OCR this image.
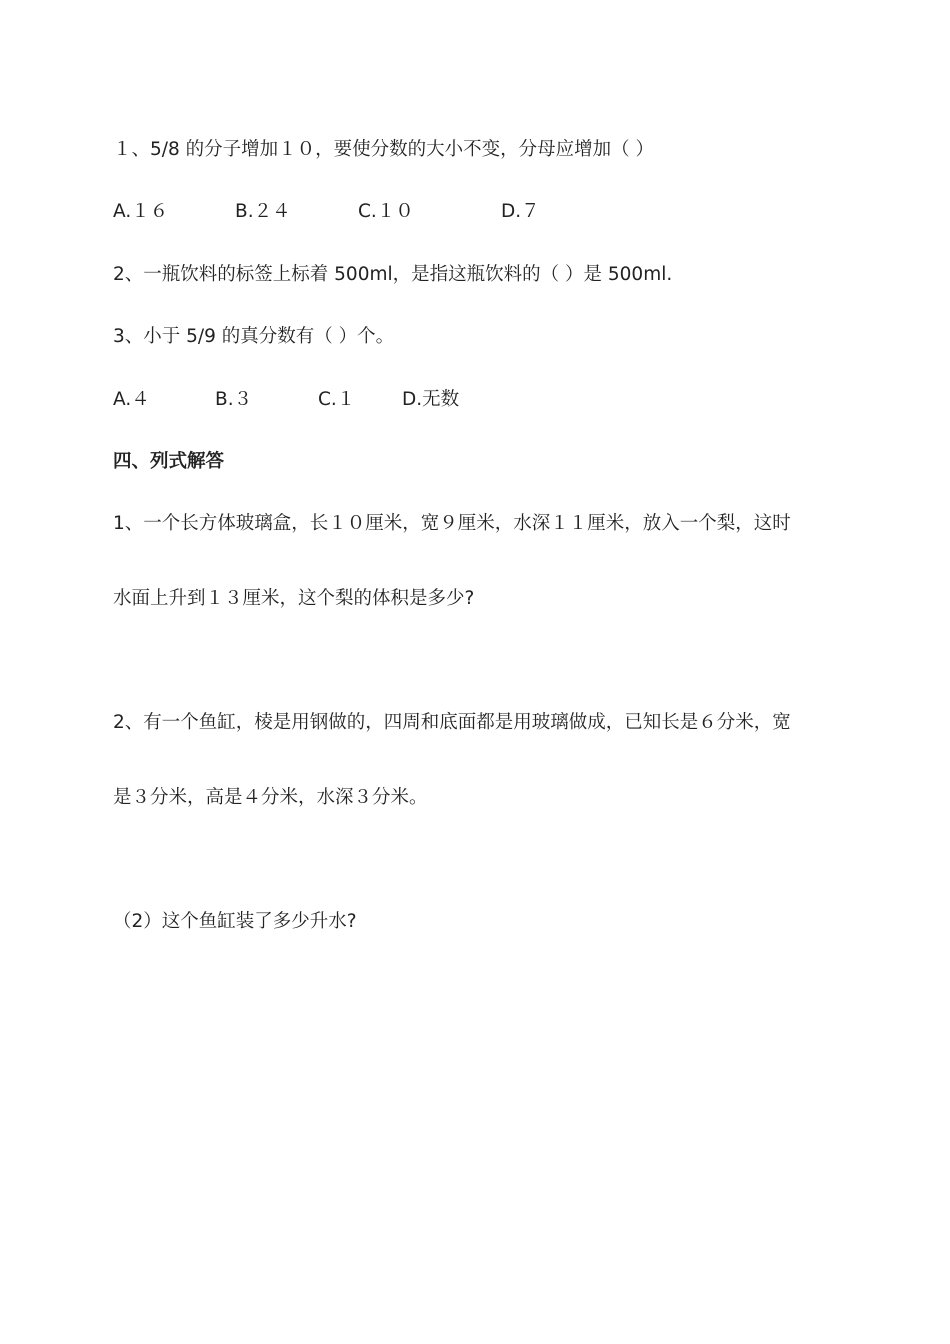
１、5/8 的分子增加１０，要使分数的大小不变，分母应增加（ ）
A.１６	B.２４	C.１０	D.７
2、一瓶饮料的标签上标着 500ml，是指这瓶饮料的（ ）是 500ml.
3、小于 5/9 的真分数有（ ）个。
A.４	B.３	C.１	D.无数
四、列式解答
1、一个长方体玻璃盒，长１０厘米，宽９厘米，水深１１厘米，放入一个梨，这时
水面上升到１３厘米，这个梨的体积是多少?
2、有一个鱼缸，棱是用钢做的，四周和底面都是用玻璃做成，已知长是６分米，宽
是３分米，高是４分米，水深３分米。
（2）这个鱼缸装了多少升水?
